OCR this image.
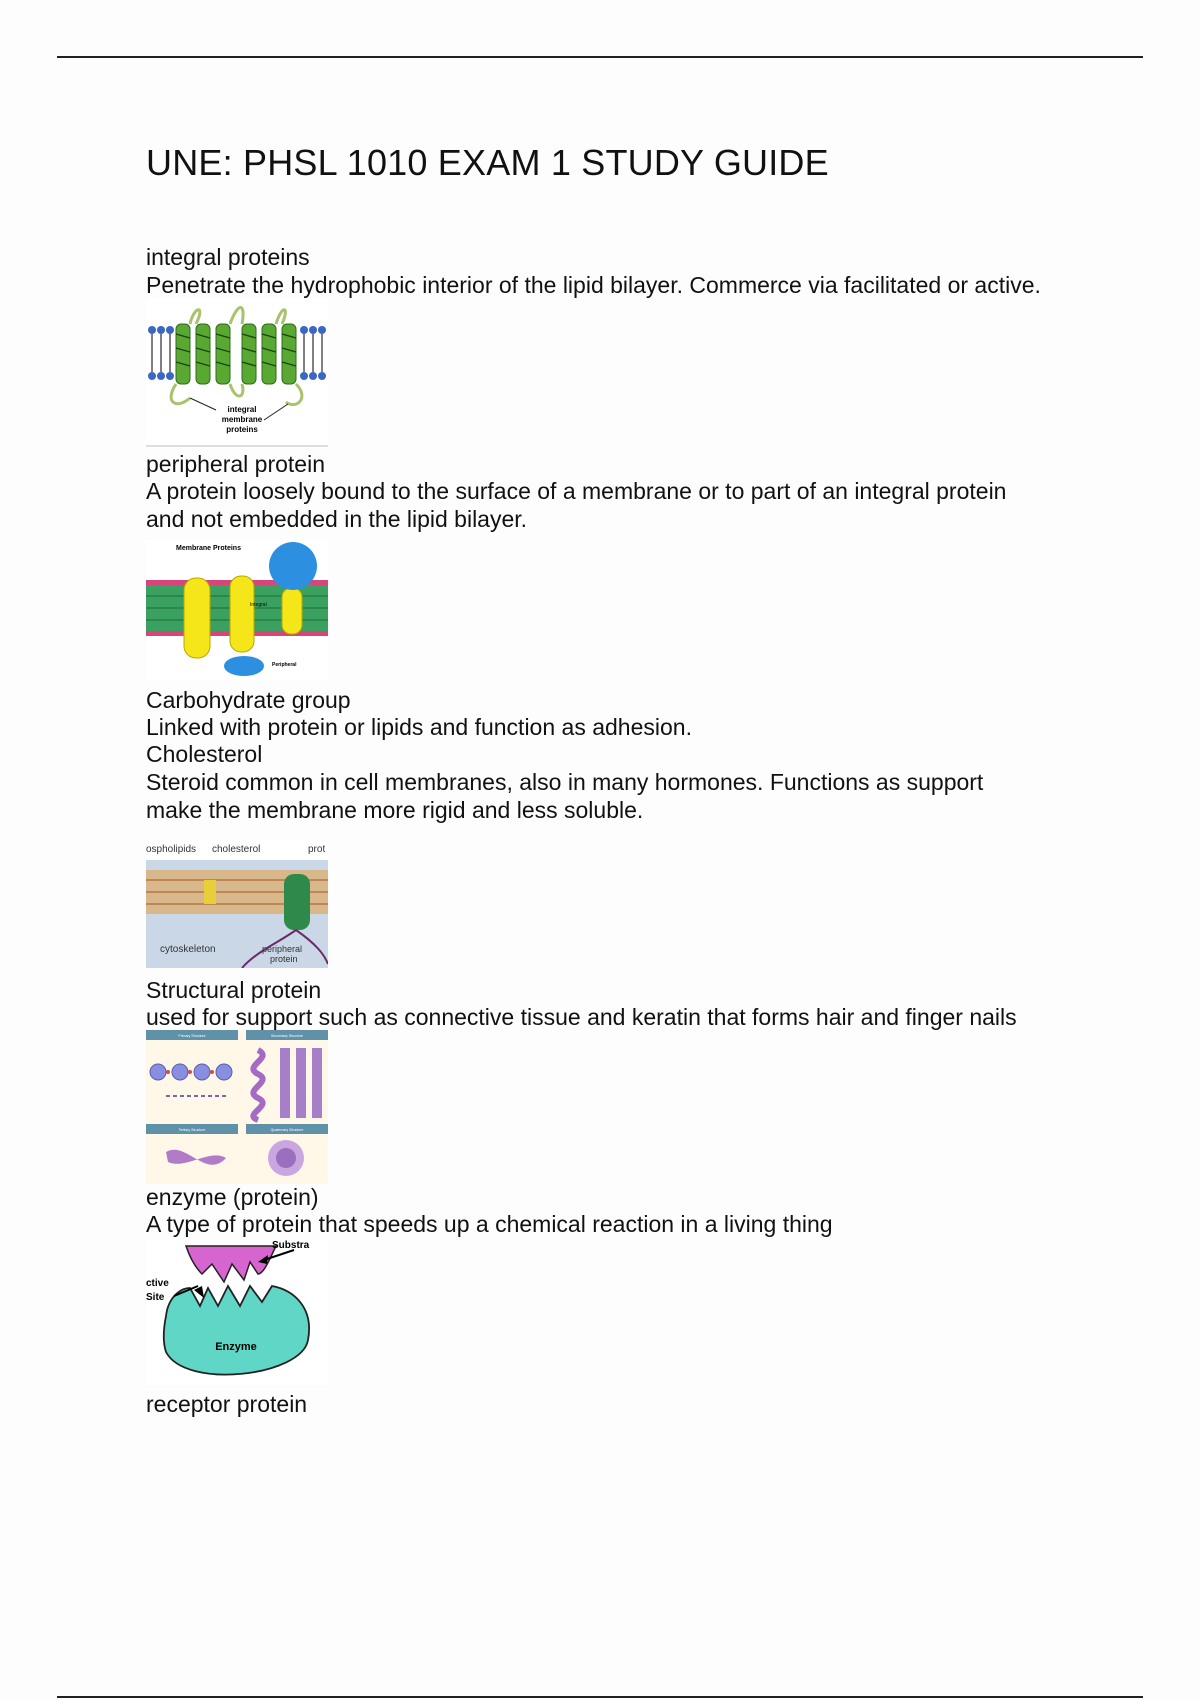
UNE: PHSL 1010 EXAM 1 STUDY GUIDE

integral proteins

Penetrate the hydrophobic interior of the lipid bilayer. Commerce via facilitated or active.

integral
membrane
proteins

peripheral protein

A protein loosely bound to the surface of a membrane or to part of an integral protein

and not embedded in the lipid bilayer.

Membrane Proteins
Integral
Peripheral

Carbohydrate group

Linked with protein or lipids and function as adhesion.

Cholesterol

Steroid common in cell membranes, also in many hormones. Functions as support

make the membrane more rigid and less soluble.

ospholipids cholesterol	prot
cytoskeleton	peripheral
protein

Structural protein

used for support such as connective tissue and keratin that forms hair and finger nails

Primary Structure	Secondary Structure
Tertiary Structure	Quaternary Structure

enzyme (protein)

A type of protein that speeds up a chemical reaction in a living thing

Substra
ctive
Site
Enzyme

receptor protein
